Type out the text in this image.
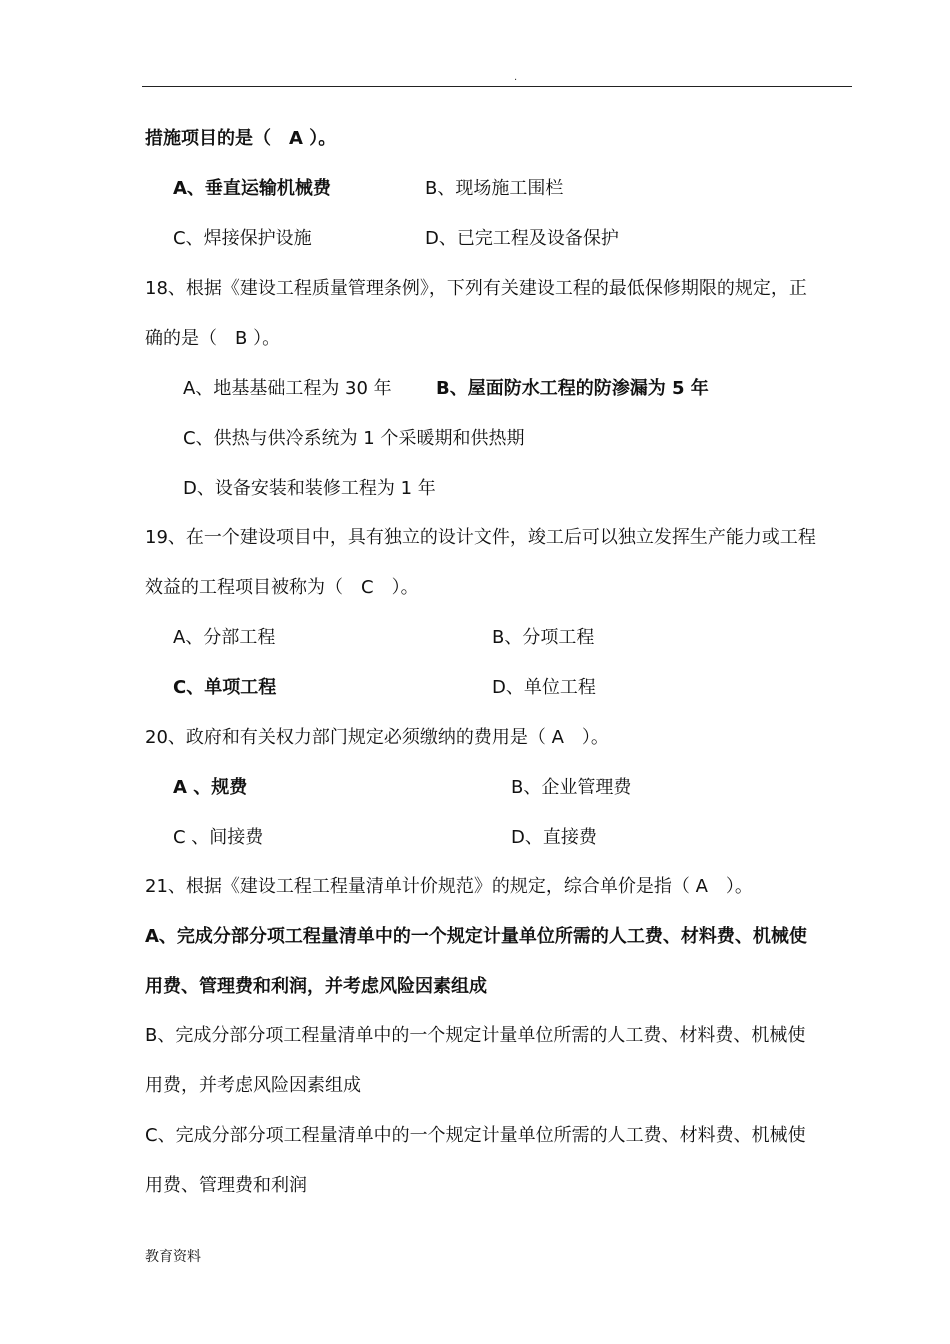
.
措施项目的是（　A ）。
A、垂直运输机械费	B、现场施工围栏
C、焊接保护设施	D、已完工程及设备保护
18、根据《建设工程质量管理条例》，下列有关建设工程的最低保修期限的规定，正
确的是（　B ）。
A、地基基础工程为 30 年 B、屋面防水工程的防渗漏为 5 年
C、供热与供冷系统为 1 个采暖期和供热期
D、设备安装和装修工程为 1 年
19、在一个建设项目中，具有独立的设计文件，竣工后可以独立发挥生产能力或工程
效益的工程项目被称为（　C　）。
A、分部工程	B、分项工程
C、单项工程	D、单位工程
20、政府和有关权力部门规定必须缴纳的费用是（ A　）。
A 、规费	B、企业管理费
C 、间接费	D、直接费
21、根据《建设工程工程量清单计价规范》的规定，综合单价是指（ A　）。
A、完成分部分项工程量清单中的一个规定计量单位所需的人工费、材料费、机械使
用费、管理费和利润，并考虑风险因素组成
B、完成分部分项工程量清单中的一个规定计量单位所需的人工费、材料费、机械使
用费，并考虑风险因素组成
C、完成分部分项工程量清单中的一个规定计量单位所需的人工费、材料费、机械使
用费、管理费和利润
教育资料
